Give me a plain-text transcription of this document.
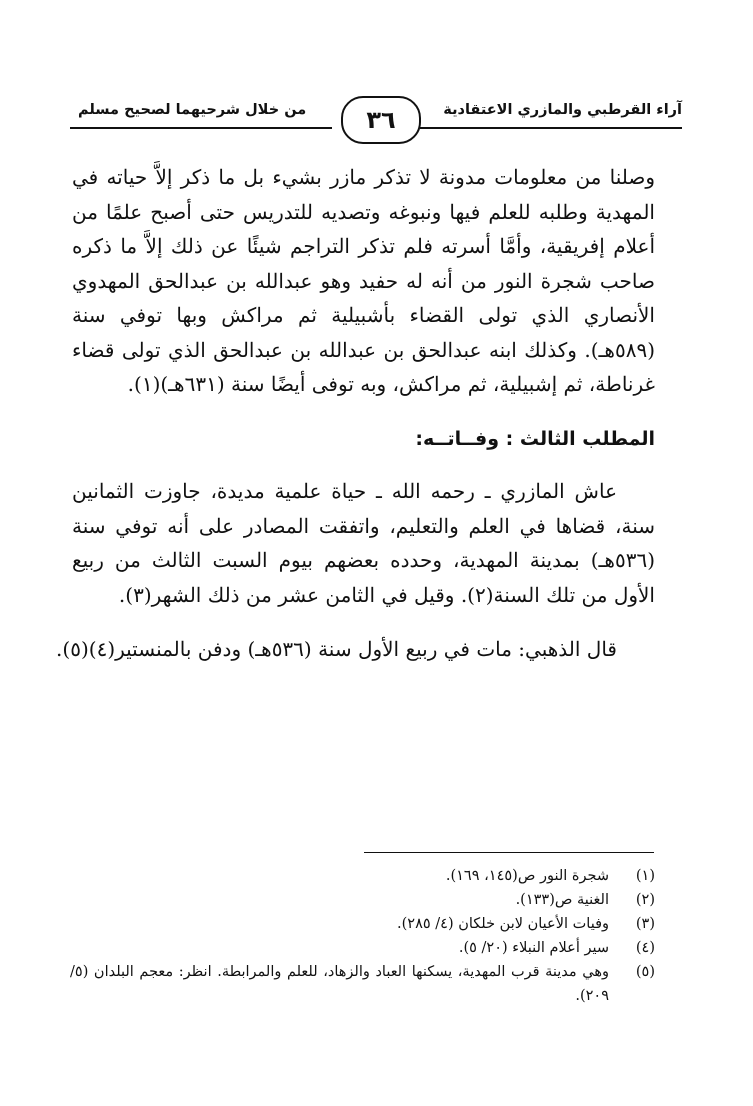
آراء القرطبي والمازري الاعتقادية
من خلال شرحيهما لصحيح مسلم	٣٦
وصلنا من معلومات مدونة لا تذكر مازر بشيء بل ما ذكر إلاَّ حياته في
المهدية وطلبه للعلم فيها ونبوغه وتصديه للتدريس حتى أصبح علمًا من
أعلام إفريقية، وأمَّا أسرته فلم تذكر التراجم شيئًا عن ذلك إلاَّ ما ذكره
صاحب شجرة النور من أنه له حفيد وهو عبدالله بن عبدالحق المهدوي
الأنصاري الذي تولى القضاء بأشبيلية ثم مراكش وبها توفي سنة
(٥٨٩هـ). وكذلك ابنه عبدالحق بن عبدالله بن عبدالحق الذي تولى قضاء
غرناطة، ثم إشبيلية، ثم مراكش، وبه توفى أيضًا سنة (٦٣١هـ)(١).
المطلب الثالث : وفــاتــه:
عاش المازري ـ رحمه الله ـ حياة علمية مديدة، جاوزت الثمانين
سنة، قضاها في العلم والتعليم، واتفقت المصادر على أنه توفي سنة
(٥٣٦هـ) بمدينة المهدية، وحدده بعضهم بيوم السبت الثالث من ربيع
الأول من تلك السنة(٢). وقيل في الثامن عشر من ذلك الشهر(٣).
قال الذهبي: مات في ربيع الأول سنة (٥٣٦هـ) ودفن بالمنستير(٤)(٥).
(١)
شجرة النور ص(١٤٥، ١٦٩).
(٢)
الغنية ص(١٣٣).
(٣)
وفيات الأعيان لابن خلكان (٤/ ٢٨٥).
(٤)
سير أعلام النبلاء (٢٠/ ٥).
(٥)
وهي مدينة قرب المهدية، يسكنها العباد والزهاد، للعلم والمرابطة. انظر: معجم البلدان (٥/ ٢٠٩).
